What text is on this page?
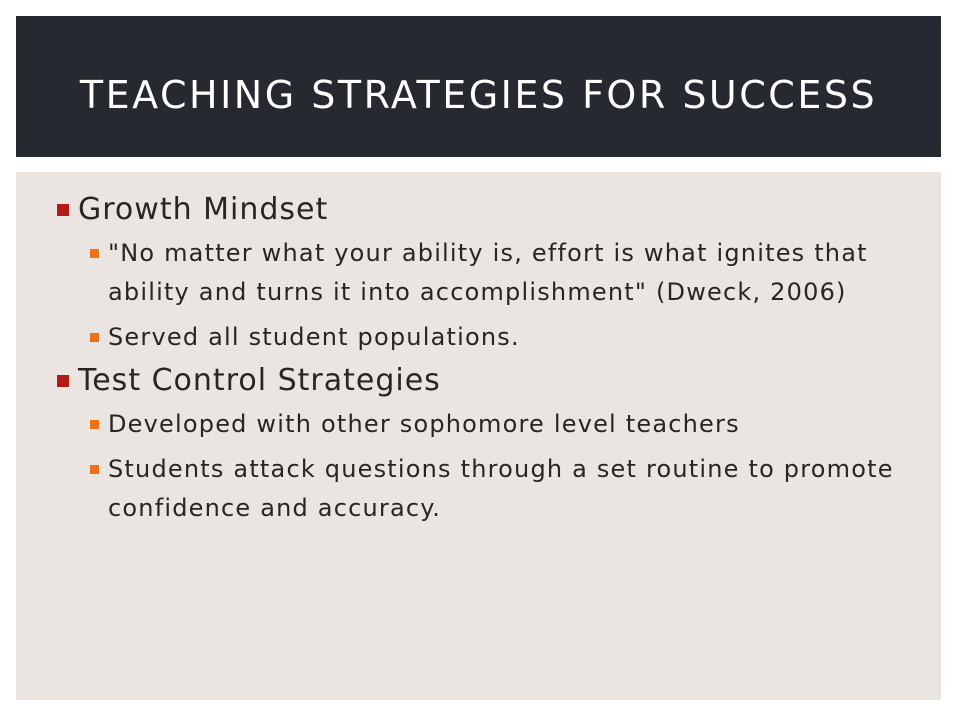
TEACHING STRATEGIES FOR SUCCESS
Growth Mindset
"No matter what your ability is, effort is what ignites that ability and turns it into accomplishment" (Dweck, 2006)
Served all student populations.
Test Control Strategies
Developed with other sophomore level teachers
Students attack questions through a set routine to promote confidence and accuracy.
